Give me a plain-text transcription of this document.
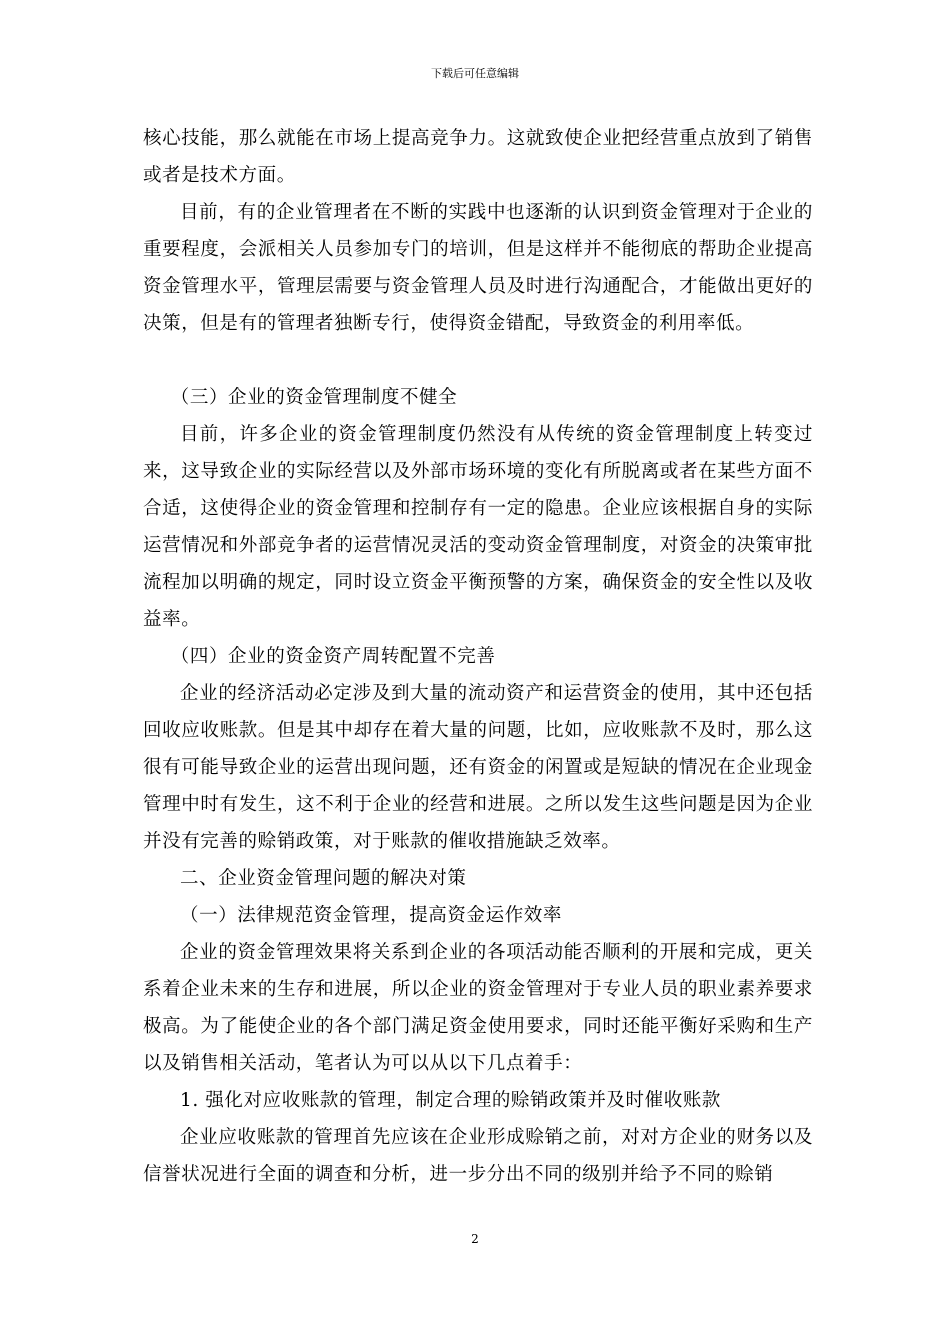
下载后可任意编辑

核心技能，那么就能在市场上提高竞争力。这就致使企业把经营重点放到了销售或者是技术方面。

目前，有的企业管理者在不断的实践中也逐渐的认识到资金管理对于企业的重要程度，会派相关人员参加专门的培训，但是这样并不能彻底的帮助企业提高资金管理水平，管理层需要与资金管理人员及时进行沟通配合，才能做出更好的决策，但是有的管理者独断专行，使得资金错配，导致资金的利用率低。

（三）企业的资金管理制度不健全

目前，许多企业的资金管理制度仍然没有从传统的资金管理制度上转变过来，这导致企业的实际经营以及外部市场环境的变化有所脱离或者在某些方面不合适，这使得企业的资金管理和控制存有一定的隐患。企业应该根据自身的实际运营情况和外部竞争者的运营情况灵活的变动资金管理制度，对资金的决策审批流程加以明确的规定，同时设立资金平衡预警的方案，确保资金的安全性以及收益率。

（四）企业的资金资产周转配置不完善

企业的经济活动必定涉及到大量的流动资产和运营资金的使用，其中还包括回收应收账款。但是其中却存在着大量的问题，比如，应收账款不及时，那么这很有可能导致企业的运营出现问题，还有资金的闲置或是短缺的情况在企业现金管理中时有发生，这不利于企业的经营和进展。之所以发生这些问题是因为企业并没有完善的赊销政策，对于账款的催收措施缺乏效率。

二、企业资金管理问题的解决对策

（一）法律规范资金管理，提高资金运作效率

企业的资金管理效果将关系到企业的各项活动能否顺利的开展和完成，更关系着企业未来的生存和进展，所以企业的资金管理对于专业人员的职业素养要求极高。为了能使企业的各个部门满足资金使用要求，同时还能平衡好采购和生产以及销售相关活动，笔者认为可以从以下几点着手：

1. 强化对应收账款的管理，制定合理的赊销政策并及时催收账款

企业应收账款的管理首先应该在企业形成赊销之前，对对方企业的财务以及信誉状况进行全面的调查和分析，进一步分出不同的级别并给予不同的赊销

2
